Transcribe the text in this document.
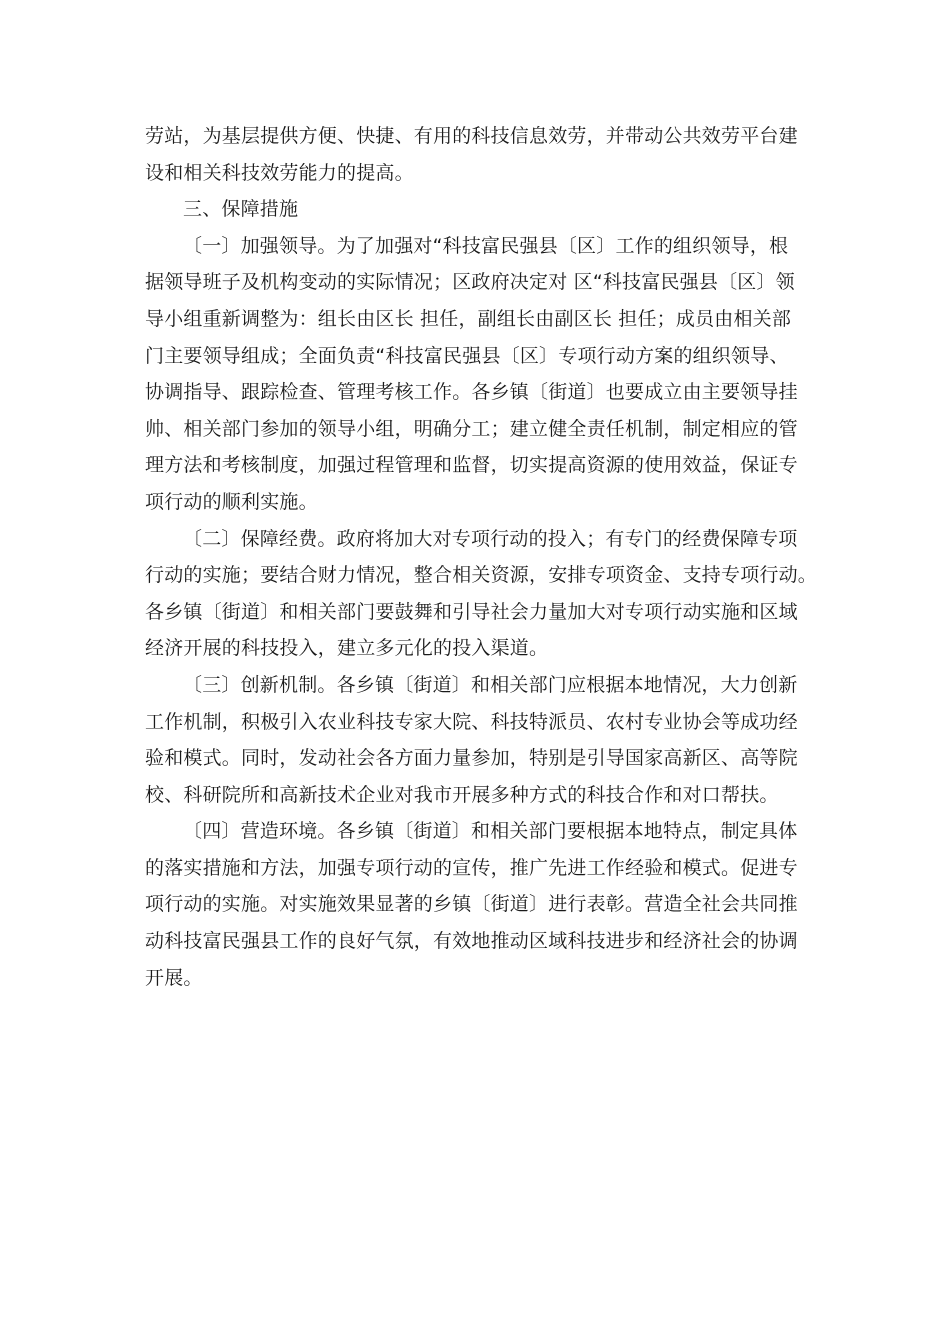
劳站，为基层提供方便、快捷、有用的科技信息效劳，并带动公共效劳平台建
设和相关科技效劳能力的提高。
三、保障措施
〔一〕加强领导。为了加强对“科技富民强县〔区〕工作的组织领导，根
据领导班子及机构变动的实际情况；区政府决定对 区“科技富民强县〔区〕领
导小组重新调整为：组长由区长 担任，副组长由副区长 担任；成员由相关部
门主要领导组成；全面负责“科技富民强县〔区〕专项行动方案的组织领导、
协调指导、跟踪检查、管理考核工作。各乡镇〔街道〕也要成立由主要领导挂
帅、相关部门参加的领导小组，明确分工；建立健全责任机制，制定相应的管
理方法和考核制度，加强过程管理和监督，切实提高资源的使用效益，保证专
项行动的顺利实施。
〔二〕保障经费。政府将加大对专项行动的投入；有专门的经费保障专项
行动的实施；要结合财力情况，整合相关资源，安排专项资金、支持专项行动。
各乡镇〔街道〕和相关部门要鼓舞和引导社会力量加大对专项行动实施和区域
经济开展的科技投入，建立多元化的投入渠道。
〔三〕创新机制。各乡镇〔街道〕和相关部门应根据本地情况，大力创新
工作机制，积极引入农业科技专家大院、科技特派员、农村专业协会等成功经
验和模式。同时，发动社会各方面力量参加，特别是引导国家高新区、高等院
校、科研院所和高新技术企业对我市开展多种方式的科技合作和对口帮扶。
〔四〕营造环境。各乡镇〔街道〕和相关部门要根据本地特点，制定具体
的落实措施和方法，加强专项行动的宣传，推广先进工作经验和模式。促进专
项行动的实施。对实施效果显著的乡镇〔街道〕进行表彰。营造全社会共同推
动科技富民强县工作的良好气氛，有效地推动区域科技进步和经济社会的协调
开展。
